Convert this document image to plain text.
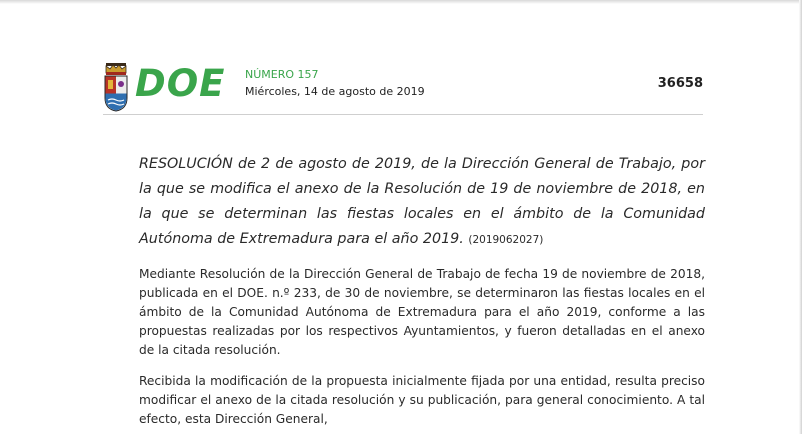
DOE NÚMERO 157
Miércoles, 14 de agosto de 2019
36658

RESOLUCIÓN de 2 de agosto de 2019, de la Dirección General de Trabajo, por la que se modifica el anexo de la Resolución de 19 de noviembre de 2018, en la que se determinan las fiestas locales en el ámbito de la Comunidad Autónoma de Extremadura para el año 2019. (2019062027)

Mediante Resolución de la Dirección General de Trabajo de fecha 19 de noviembre de 2018, publicada en el DOE. n.º 233, de 30 de noviembre, se determinaron las fiestas locales en el ámbito de la Comunidad Autónoma de Extremadura para el año 2019, conforme a las propuestas realizadas por los respectivos Ayuntamientos, y fueron detalladas en el anexo de la citada resolución.

Recibida la modificación de la propuesta inicialmente fijada por una entidad, resulta preciso modificar el anexo de la citada resolución y su publicación, para general conocimiento. A tal efecto, esta Dirección General,
